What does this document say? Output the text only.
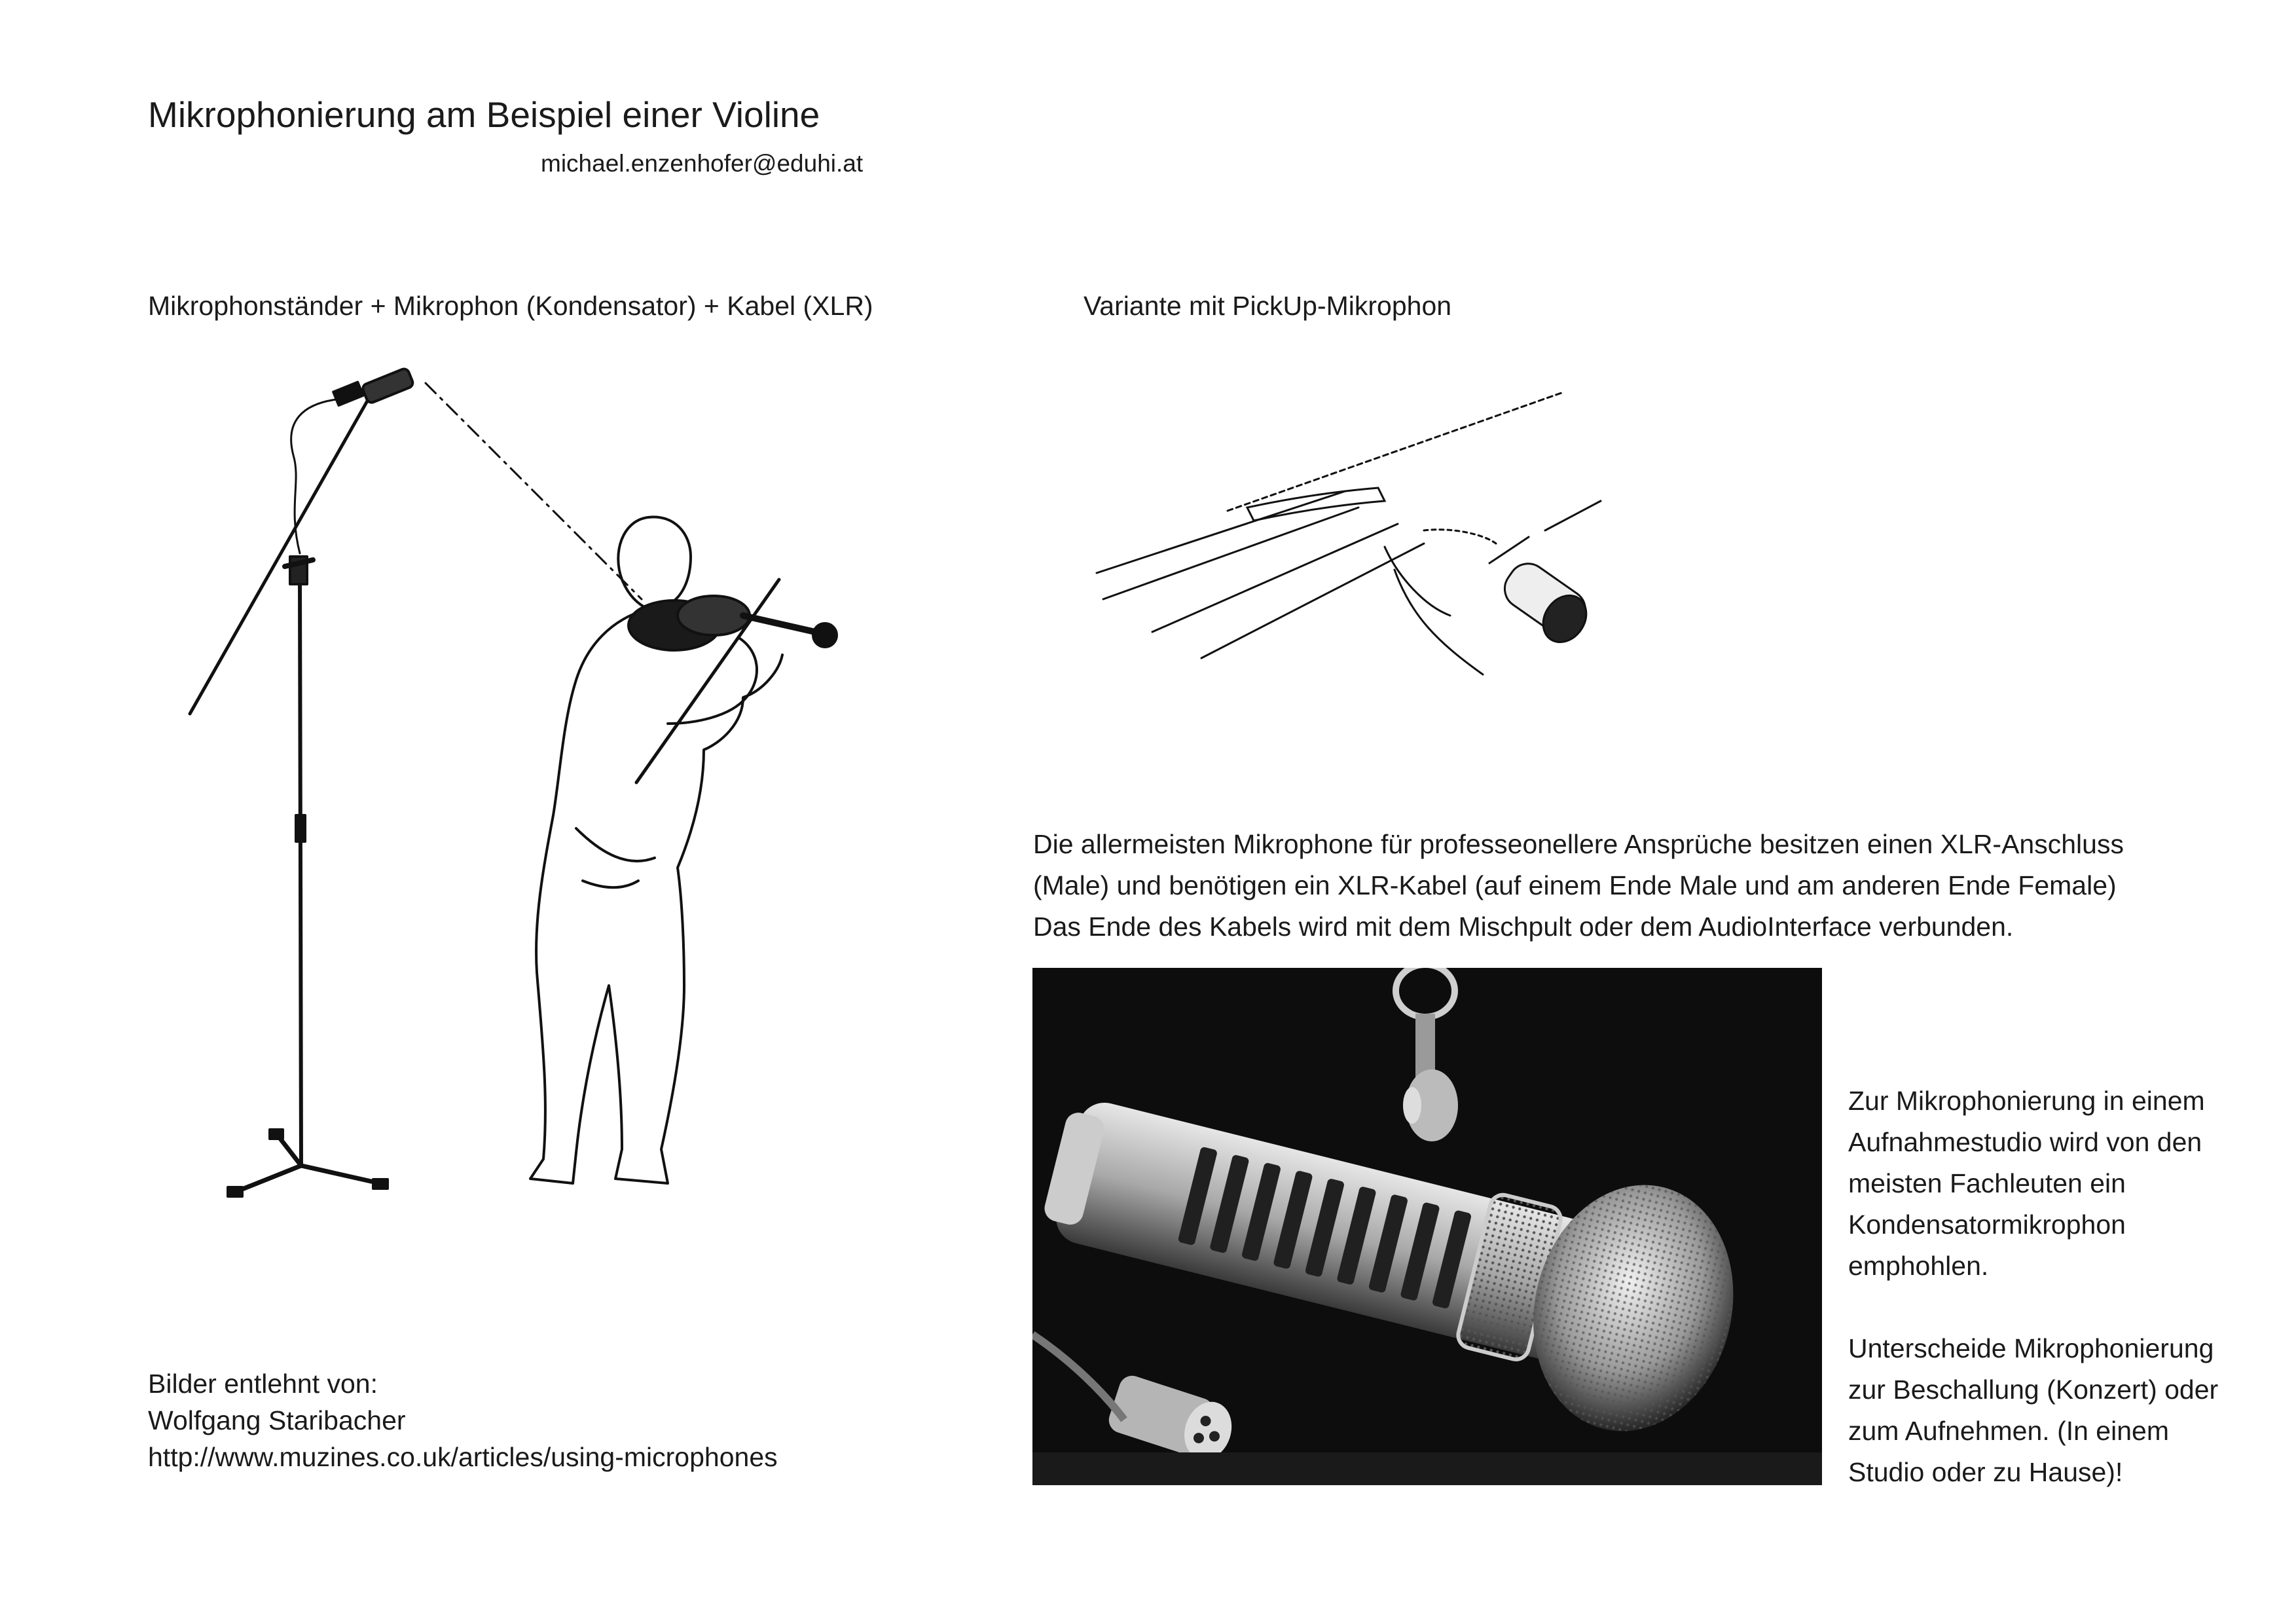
Mikrophonierung am Beispiel einer Violine
michael.enzenhofer@eduhi.at
Mikrophonständer + Mikrophon (Kondensator) + Kabel (XLR)	Variante mit PickUp-Mikrophon
Die allermeisten Mikrophone für professeonellere Ansprüche besitzen einen XLR-Anschluss
(Male) und benötigen ein XLR-Kabel (auf einem Ende Male und am anderen Ende Female)
Das Ende des Kabels wird mit dem Mischpult oder dem AudioInterface verbunden.
Zur Mikrophonierung in einem
Aufnahmestudio wird von den
meisten Fachleuten ein
Kondensatormikrophon
emphohlen.
Unterscheide Mikrophonierung
zur Beschallung (Konzert) oder
zum Aufnehmen. (In einem
Studio oder zu Hause)!
Bilder entlehnt von:
Wolfgang Staribacher
http://www.muzines.co.uk/articles/using-microphones
